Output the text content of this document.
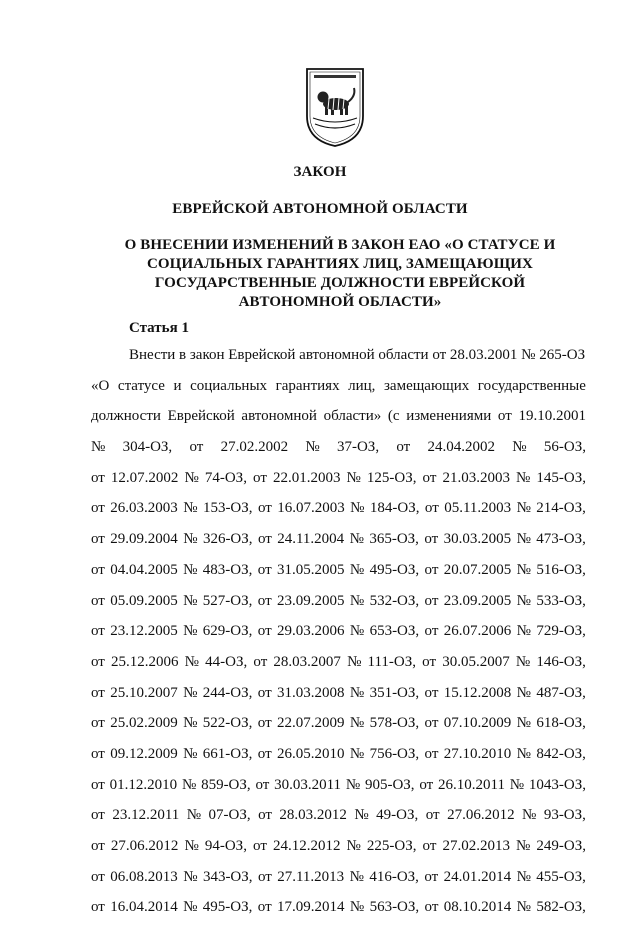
ЗАКОН
ЕВРЕЙСКОЙ АВТОНОМНОЙ ОБЛАСТИ
О ВНЕСЕНИИ ИЗМЕНЕНИЙ В ЗАКОН ЕАО «О СТАТУСЕ И
СОЦИАЛЬНЫХ ГАРАНТИЯХ ЛИЦ, ЗАМЕЩАЮЩИХ
ГОСУДАРСТВЕННЫЕ ДОЛЖНОСТИ ЕВРЕЙСКОЙ
АВТОНОМНОЙ ОБЛАСТИ»
Статья 1
Внести в закон Еврейской автономной области от 28.03.2001 № 265-ОЗ
«О статусе и социальных гарантиях лиц, замещающих государственные
должности Еврейской автономной области» (с изменениями от 19.10.2001
№ 304-ОЗ, от 27.02.2002 № 37-ОЗ, от 24.04.2002 № 56-ОЗ,
от 12.07.2002 № 74-ОЗ, от 22.01.2003 № 125-ОЗ, от 21.03.2003 № 145-ОЗ,
от 26.03.2003 № 153-ОЗ, от 16.07.2003 № 184-ОЗ, от 05.11.2003 № 214-ОЗ,
от 29.09.2004 № 326-ОЗ, от 24.11.2004 № 365-ОЗ, от 30.03.2005 № 473-ОЗ,
от 04.04.2005 № 483-ОЗ, от 31.05.2005 № 495-ОЗ, от 20.07.2005 № 516-ОЗ,
от 05.09.2005 № 527-ОЗ, от 23.09.2005 № 532-ОЗ, от 23.09.2005 № 533-ОЗ,
от 23.12.2005 № 629-ОЗ, от 29.03.2006 № 653-ОЗ, от 26.07.2006 № 729-ОЗ,
от 25.12.2006 № 44-ОЗ, от 28.03.2007 № 111-ОЗ, от 30.05.2007 № 146-ОЗ,
от 25.10.2007 № 244-ОЗ, от 31.03.2008 № 351-ОЗ, от 15.12.2008 № 487-ОЗ,
от 25.02.2009 № 522-ОЗ, от 22.07.2009 № 578-ОЗ, от 07.10.2009 № 618-ОЗ,
от 09.12.2009 № 661-ОЗ, от 26.05.2010 № 756-ОЗ, от 27.10.2010 № 842-ОЗ,
от 01.12.2010 № 859-ОЗ, от 30.03.2011 № 905-ОЗ, от 26.10.2011 № 1043-ОЗ,
от 23.12.2011 № 07-ОЗ, от 28.03.2012 № 49-ОЗ, от 27.06.2012 № 93-ОЗ,
от 27.06.2012 № 94-ОЗ, от 24.12.2012 № 225-ОЗ, от 27.02.2013 № 249-ОЗ,
от 06.08.2013 № 343-ОЗ, от 27.11.2013 № 416-ОЗ, от 24.01.2014 № 455-ОЗ,
от 16.04.2014 № 495-ОЗ, от 17.09.2014 № 563-ОЗ, от 08.10.2014 № 582-ОЗ,
